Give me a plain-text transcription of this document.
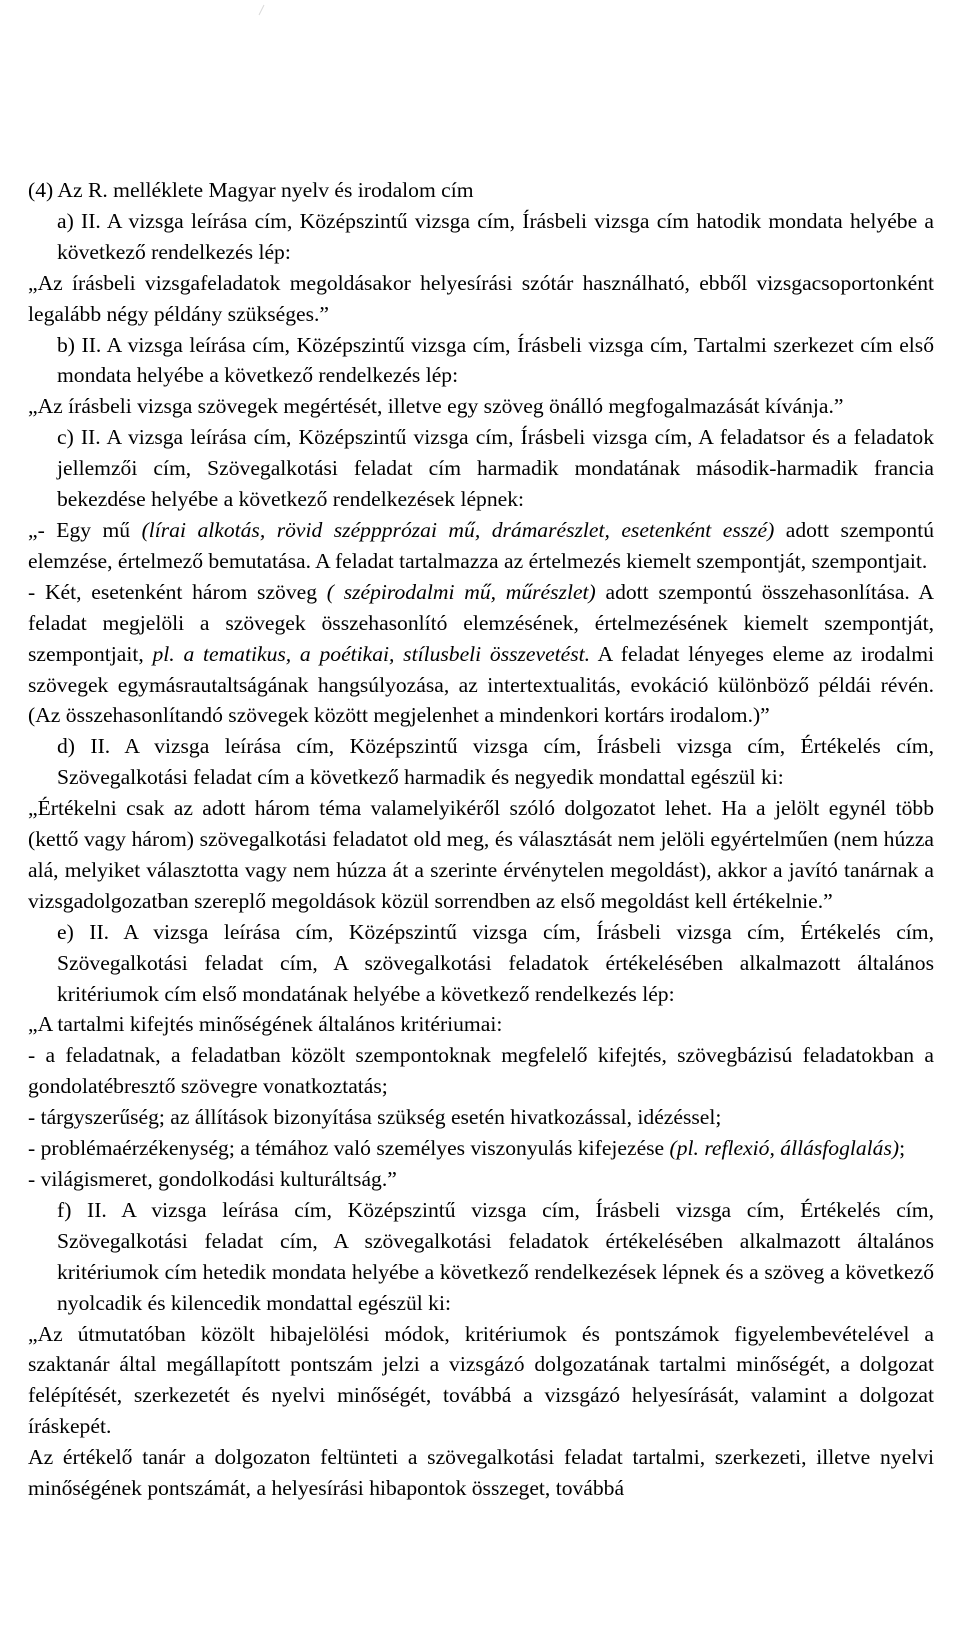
(4) Az R. melléklete Magyar nyelv és irodalom cím

a) II. A vizsga leírása cím, Középszintű vizsga cím, Írásbeli vizsga cím hatodik mondata helyébe a következő rendelkezés lép:

„Az írásbeli vizsgafeladatok megoldásakor helyesírási szótár használható, ebből vizsgacsoportonként legalább négy példány szükséges.”

b) II. A vizsga leírása cím, Középszintű vizsga cím, Írásbeli vizsga cím, Tartalmi szerkezet cím első mondata helyébe a következő rendelkezés lép:

„Az írásbeli vizsga szövegek megértését, illetve egy szöveg önálló megfogalmazását kívánja.”

c) II. A vizsga leírása cím, Középszintű vizsga cím, Írásbeli vizsga cím, A feladatsor és a feladatok jellemzői cím, Szövegalkotási feladat cím harmadik mondatának második-harmadik francia bekezdése helyébe a következő rendelkezések lépnek:

„- Egy mű (lírai alkotás, rövid széppprózai mű, drámarészlet, esetenként esszé) adott szempontú elemzése, értelmező bemutatása. A feladat tartalmazza az értelmezés kiemelt szempontját, szempontjait.

- Két, esetenként három szöveg ( szépirodalmi mű, műrészlet) adott szempontú összehasonlítása. A feladat megjelöli a szövegek összehasonlító elemzésének, értelmezésének kiemelt szempontját, szempontjait, pl. a tematikus, a poétikai, stílusbeli összevetést. A feladat lényeges eleme az irodalmi szövegek egymásrautaltságának hangsúlyozása, az intertextualitás, evokáció különböző példái révén. (Az összehasonlítandó szövegek között megjelenhet a mindenkori kortárs irodalom.)”

d) II. A vizsga leírása cím, Középszintű vizsga cím, Írásbeli vizsga cím, Értékelés cím, Szövegalkotási feladat cím a következő harmadik és negyedik mondattal egészül ki:

„Értékelni csak az adott három téma valamelyikéről szóló dolgozatot lehet. Ha a jelölt egynél több (kettő vagy három) szövegalkotási feladatot old meg, és választását nem jelöli egyértelműen (nem húzza alá, melyiket választotta vagy nem húzza át a szerinte érvénytelen megoldást), akkor a javító tanárnak a vizsgadolgozatban szereplő megoldások közül sorrendben az első megoldást kell értékelnie.”

e) II. A vizsga leírása cím, Középszintű vizsga cím, Írásbeli vizsga cím, Értékelés cím, Szövegalkotási feladat cím, A szövegalkotási feladatok értékelésében alkalmazott általános kritériumok cím első mondatának helyébe a következő rendelkezés lép:

„A tartalmi kifejtés minőségének általános kritériumai:

- a feladatnak, a feladatban közölt szempontoknak megfelelő kifejtés, szövegbázisú feladatokban a gondolatébresztő szövegre vonatkoztatás;

- tárgyszerűség; az állítások bizonyítása szükség esetén hivatkozással, idézéssel;

- problémaérzékenység; a témához való személyes viszonyulás kifejezése (pl. reflexió, állásfoglalás);

- világismeret, gondolkodási kulturáltság.”

f) II. A vizsga leírása cím, Középszintű vizsga cím, Írásbeli vizsga cím, Értékelés cím, Szövegalkotási feladat cím, A szövegalkotási feladatok értékelésében alkalmazott általános kritériumok cím hetedik mondata helyébe a következő rendelkezések lépnek és a szöveg a következő nyolcadik és kilencedik mondattal egészül ki:

„Az útmutatóban közölt hibajelölési módok, kritériumok és pontszámok figyelembevételével a szaktanár által megállapított pontszám jelzi a vizsgázó dolgozatának tartalmi minőségét, a dolgozat felépítését, szerkezetét és nyelvi minőségét, továbbá a vizsgázó helyesírását, valamint a dolgozat íráskepét.

Az értékelő tanár a dolgozaton feltünteti a szövegalkotási feladat tartalmi, szerkezeti, illetve nyelvi minőségének pontszámát, a helyesírási hibapontok összeget, továbbá
